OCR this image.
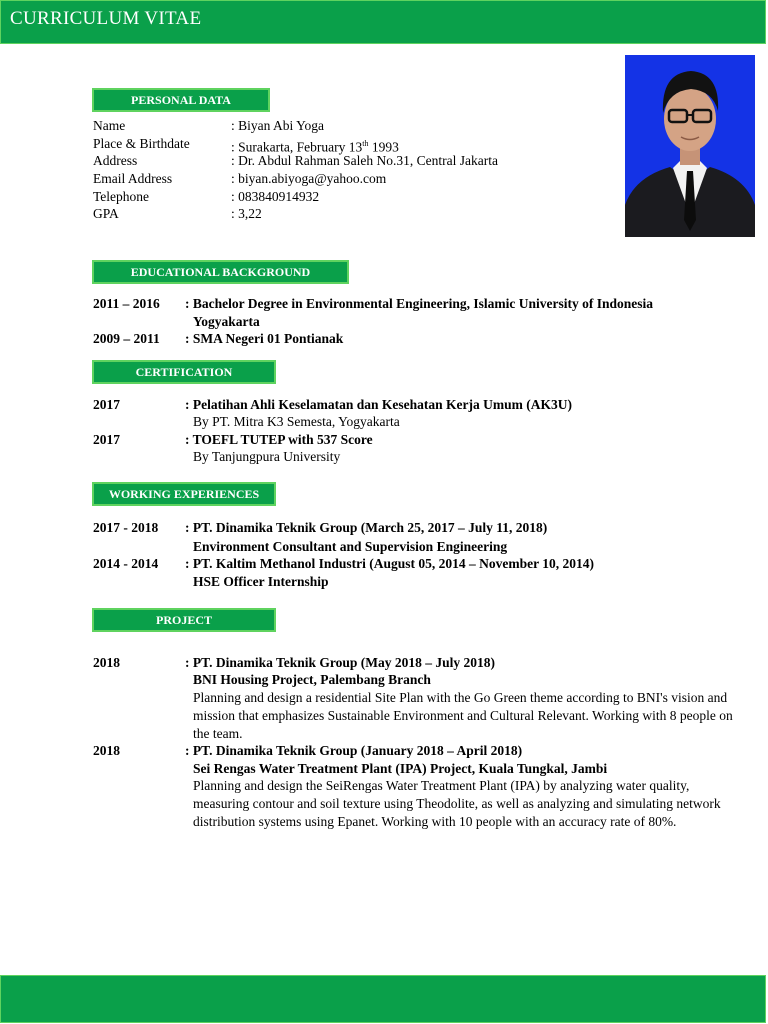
CURRICULUM VITAE
PERSONAL DATA
Name	: Biyan Abi Yoga
Place & Birthdate	: Surakarta, February 13th 1993
Address	: Dr. Abdul Rahman Saleh No.31, Central Jakarta
Email Address	: biyan.abiyoga@yahoo.com
Telephone	: 083840914932
GPA	: 3,22
EDUCATIONAL BACKGROUND
2011 – 2016 : Bachelor Degree in Environmental Engineering, Islamic University of Indonesia
Yogyakarta
2009 – 2011 : SMA Negeri 01 Pontianak
CERTIFICATION
2017	: Pelatihan Ahli Keselamatan dan Kesehatan Kerja Umum (AK3U)
By PT. Mitra K3 Semesta, Yogyakarta
2017	: TOEFL TUTEP with 537 Score
By Tanjungpura University
WORKING EXPERIENCES
2017 - 2018 : PT. Dinamika Teknik Group (March 25, 2017 – July 11, 2018)
Environment Consultant and Supervision Engineering
2014 - 2014 : PT. Kaltim Methanol Industri (August 05, 2014 – November 10, 2014)
HSE Officer Internship
PROJECT
2018	: PT. Dinamika Teknik Group (May 2018 – July 2018)
BNI Housing Project, Palembang Branch
Planning and design a residential Site Plan with the Go Green theme according to BNI's vision and mission that emphasizes Sustainable Environment and Cultural Relevant. Working with 8 people on the team.
2018	: PT. Dinamika Teknik Group (January 2018 – April 2018)
Sei Rengas Water Treatment Plant (IPA) Project, Kuala Tungkal, Jambi
Planning and design the SeiRengas Water Treatment Plant (IPA) by analyzing water quality, measuring contour and soil texture using Theodolite, as well as analyzing and simulating network distribution systems using Epanet. Working with 10 people with an accuracy rate of 80%.
